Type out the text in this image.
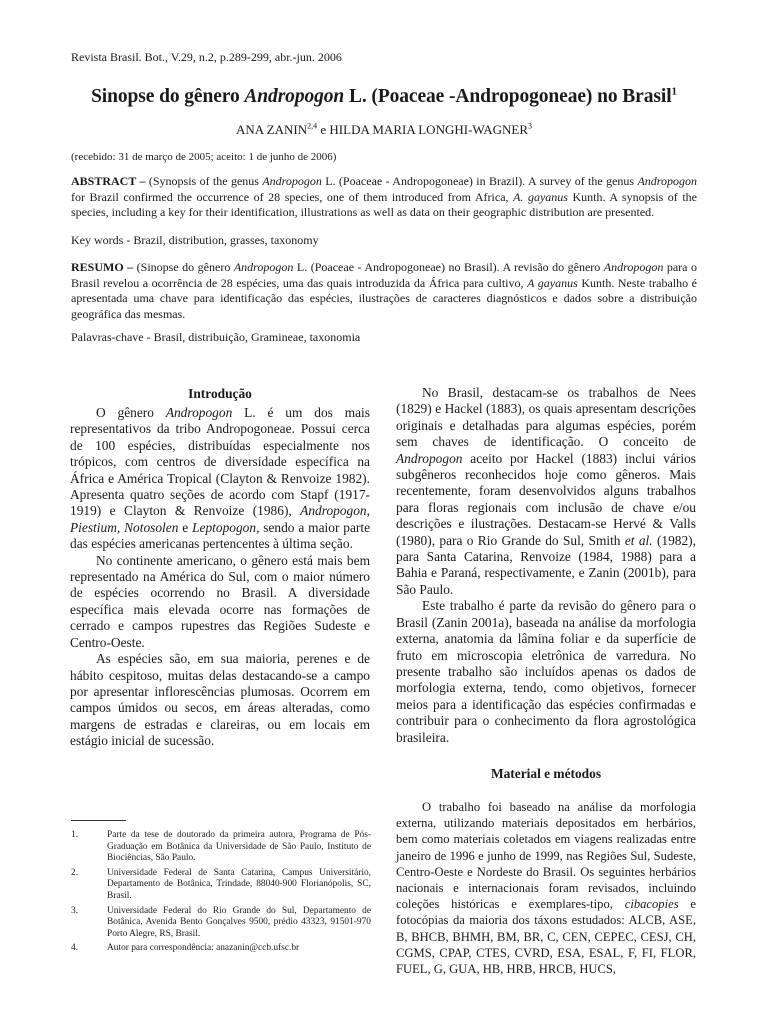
Revista Brasil. Bot., V.29, n.2, p.289-299, abr.-jun. 2006
Sinopse do gênero Andropogon L. (Poaceae -Andropogoneae) no Brasil$^1$
ANA ZANIN$^{2,4}$ e HILDA MARIA LONGHI-WAGNER$^3$
(recebido: 31 de março de 2005; aceito: 1 de junho de 2006)
ABSTRACT – (Synopsis of the genus Andropogon L. (Poaceae - Andropogoneae) in Brazil). A survey of the genus Andropogon for Brazil confirmed the occurrence of 28 species, one of them introduced from Africa, A. gayanus Kunth. A synopsis of the species, including a key for their identification, illustrations as well as data on their geographic distribution are presented.
Key words - Brazil, distribution, grasses, taxonomy
RESUMO – (Sinopse do gênero Andropogon L. (Poaceae - Andropogoneae) no Brasil). A revisão do gênero Andropogon para o Brasil revelou a ocorrência de 28 espécies, uma das quais introduzida da África para cultivo, A gayanus Kunth. Neste trabalho é apresentada uma chave para identificação das espécies, ilustrações de caracteres diagnósticos e dados sobre a distribuição geográfica das mesmas.
Palavras-chave - Brasil, distribuição, Gramineae, taxonomia
Introdução

O gênero Andropogon L. é um dos mais representativos da tribo Andropogoneae. Possui cerca de 100 espécies, distribuídas especialmente nos trópicos, com centros de diversidade específica na África e América Tropical (Clayton & Renvoize 1982). Apresenta quatro seções de acordo com Stapf (1917-1919) e Clayton & Renvoize (1986), Andropogon, Piestium, Notosolen e Leptopogon, sendo a maior parte das espécies americanas pertencentes à última seção.

No continente americano, o gênero está mais bem representado na América do Sul, com o maior número de espécies ocorrendo no Brasil. A diversidade específica mais elevada ocorre nas formações de cerrado e campos rupestres das Regiões Sudeste e Centro-Oeste.

As espécies são, em sua maioria, perenes e de hábito cespitoso, muitas delas destacando-se a campo por apresentar inflorescências plumosas. Ocorrem em campos úmidos ou secos, em áreas alteradas, como margens de estradas e clareiras, ou em locais em estágio inicial de sucessão.

No Brasil, destacam-se os trabalhos de Nees (1829) e Hackel (1883), os quais apresentam descrições originais e detalhadas para algumas espécies, porém sem chaves de identificação. O conceito de Andropogon aceito por Hackel (1883) inclui vários subgêneros reconhecidos hoje como gêneros. Mais recentemente, foram desenvolvidos alguns trabalhos para floras regionais com inclusão de chave e/ou descrições e ilustrações. Destacam-se Hervé & Valls (1980), para o Rio Grande do Sul, Smith et al. (1982), para Santa Catarina, Renvoize (1984, 1988) para a Bahia e Paraná, respectivamente, e Zanin (2001b), para São Paulo.

Este trabalho é parte da revisão do gênero para o Brasil (Zanin 2001a), baseada na análise da morfologia externa, anatomia da lâmina foliar e da superfície de fruto em microscopia eletrônica de varredura. No presente trabalho são incluídos apenas os dados de morfologia externa, tendo, como objetivos, fornecer meios para a identificação das espécies confirmadas e contribuir para o conhecimento da flora agrostológica brasileira.

Material e métodos

O trabalho foi baseado na análise da morfologia externa, utilizando materiais depositados em herbários, bem como materiais coletados em viagens realizadas entre janeiro de 1996 e junho de 1999, nas Regiões Sul, Sudeste, Centro-Oeste e Nordeste do Brasil. Os seguintes herbários nacionais e internacionais foram revisados, incluindo coleções históricas e exemplares-tipo, cibacopies e fotocópias da maioria dos táxons estudados: ALCB, ASE, B, BHCB, BHMH, BM, BR, C, CEN, CEPEC, CESJ, CH, CGMS, CPAP, CTES, CVRD, ESA, ESAL, F, FI, FLOR, FUEL, G, GUA, HB, HRB, HRCB, HUCS,

1.	Parte da tese de doutorado da primeira autora, Programa de Pós-Graduação em Botânica da Universidade de São Paulo, Instituto de Biociências, São Paulo.
2.	Universidade Federal de Santa Catarina, Campus Universitário, Departamento de Botânica, Trindade, 88040-900 Florianópolis, SC, Brasil.
3.	Universidade Federal do Rio Grande do Sul, Departamento de Botânica, Avenida Bento Gonçalves 9500, prédio 43323, 91501-970 Porto Alegre, RS, Brasil.
4.	Autor para correspondência: anazanin@ccb.ufsc.br
